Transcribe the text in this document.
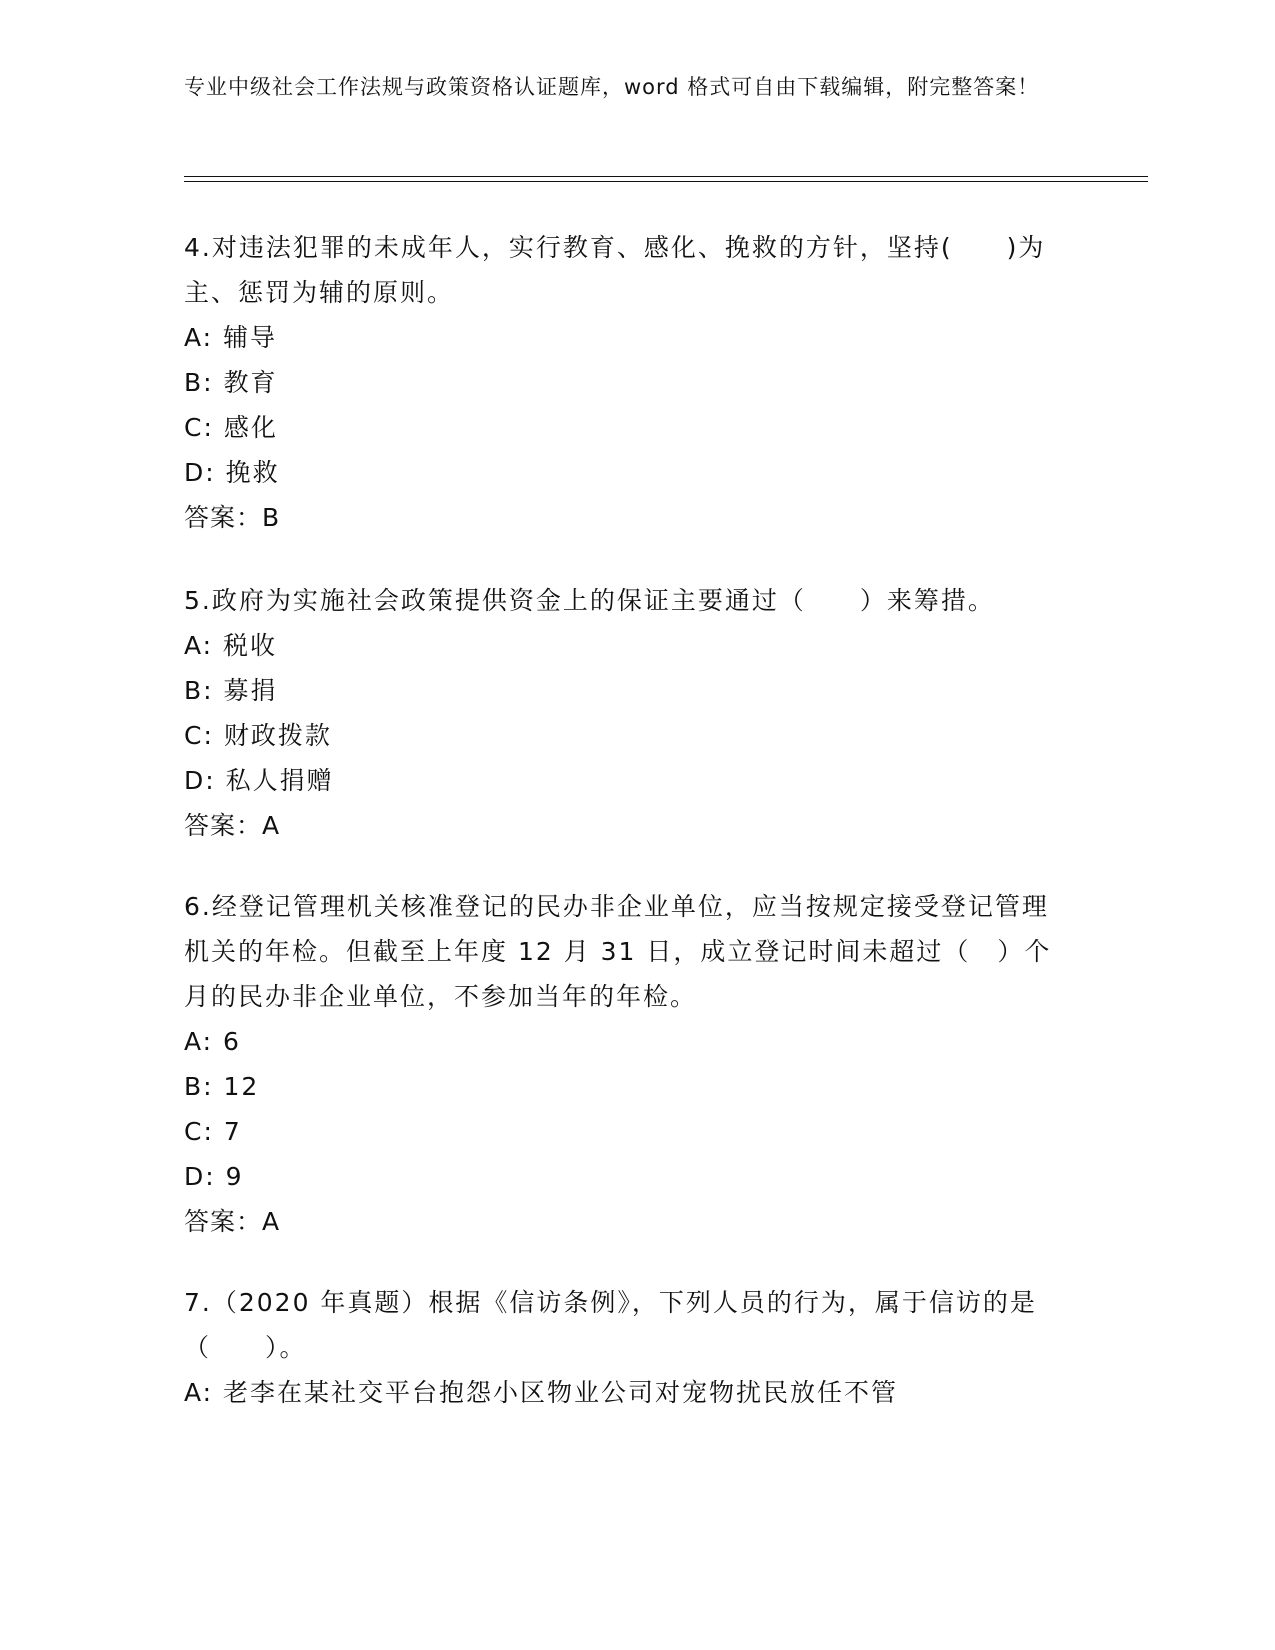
专业中级社会工作法规与政策资格认证题库，word 格式可自由下载编辑，附完整答案！

4.对违法犯罪的未成年人，实行教育、感化、挽救的方针，坚持(　　)为主、惩罚为辅的原则。

A: 辅导

B: 教育

C: 感化

D: 挽救

答案：B

5.政府为实施社会政策提供资金上的保证主要通过（　　）来筹措。

A: 税收

B: 募捐

C: 财政拨款

D: 私人捐赠

答案：A

6.经登记管理机关核准登记的民办非企业单位，应当按规定接受登记管理机关的年检。但截至上年度 12 月 31 日，成立登记时间未超过（　）个月的民办非企业单位，不参加当年的年检。

A: 6

B: 12

C: 7

D: 9

答案：A

7.（2020 年真题）根据《信访条例》，下列人员的行为，属于信访的是（　　）。

A: 老李在某社交平台抱怨小区物业公司对宠物扰民放任不管
